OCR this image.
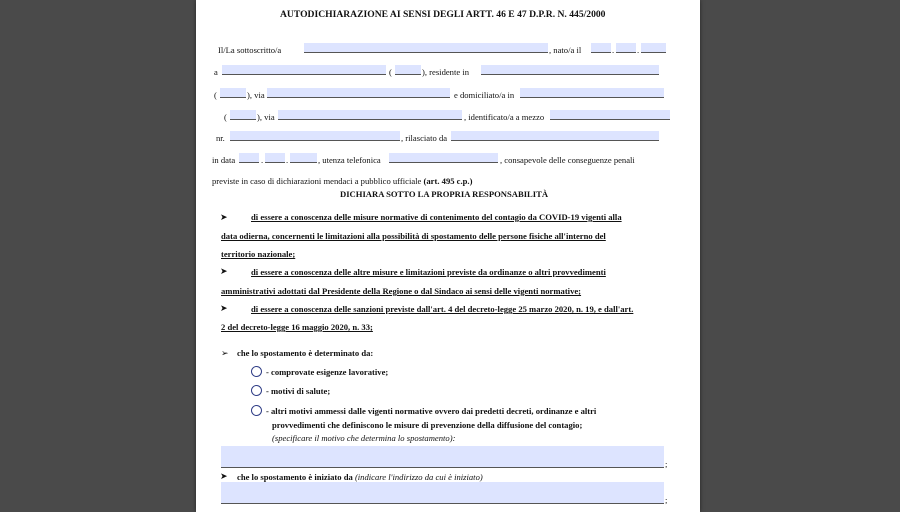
AUTODICHIARAZIONE AI SENSI DEGLI ARTT. 46 E 47 D.P.R. N. 445/2000
Il/La sottoscritto/a	, nato/a il	.	.
a	(	), residente in
(	), via	e domiciliato/a in
(	), via	, identificato/a a mezzo
nr.	, rilasciato da
in data	.	.	, utenza telefonica	, consapevole delle conseguenze penali
previste in caso di dichiarazioni mendaci a pubblico ufficiale (art. 495 c.p.)
DICHIARA SOTTO LA PROPRIA RESPONSABILITÀ
➤	di essere a conoscenza delle misure normative di contenimento del contagio da COVID-19 vigenti alla
data odierna, concernenti le limitazioni alla possibilità di spostamento delle persone fisiche all'interno del
territorio nazionale;
➤	di essere a conoscenza delle altre misure e limitazioni previste da ordinanze o altri provvedimenti
amministrativi adottati dal Presidente della Regione o dal Sindaco ai sensi delle vigenti normative;
➤	di essere a conoscenza delle sanzioni previste dall'art. 4 del decreto-legge 25 marzo 2020, n. 19, e dall'art.
2 del decreto-legge 16 maggio 2020, n. 33;
➢ che lo spostamento è determinato da:
- comprovate esigenze lavorative;
- motivi di salute;
- altri motivi ammessi dalle vigenti normative ovvero dai predetti decreti, ordinanze e altri
provvedimenti che definiscono le misure di prevenzione della diffusione del contagio;
(specificare il motivo che determina lo spostamento):
;
➤ che lo spostamento è iniziato da (indicare l'indirizzo da cui è iniziato)
;
